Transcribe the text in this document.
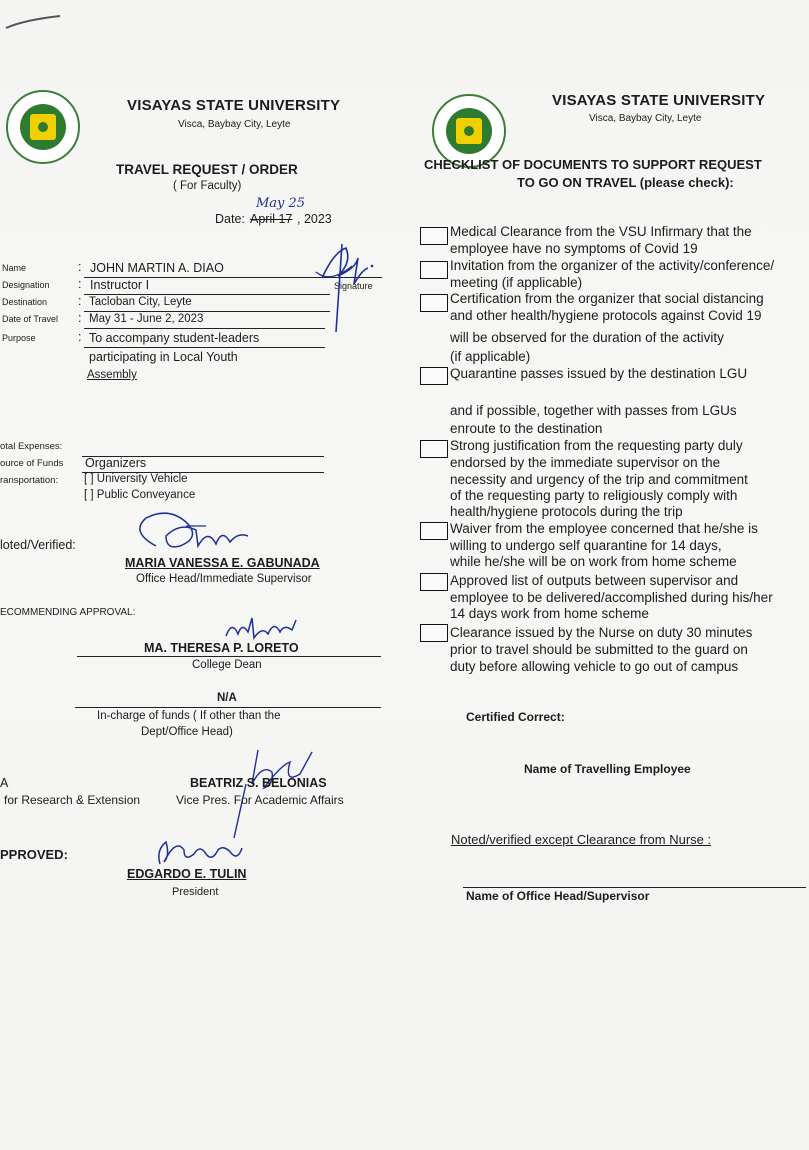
VISAYAS STATE UNIVERSITY
Visca, Baybay City, Leyte
TRAVEL REQUEST / ORDER
( For Faculty)
Date: April 17
May 25
, 2023
Name	: JOHN MARTIN A. DIAO
Designation : Instructor I	Signature
Destination : Tacloban City, Leyte
Date of Travel : May 31 - June 2, 2023
Purpose	: To accompany student-leaders
participating in Local Youth
Assembly
otal Expenses:
ource of Funds Organizers
ransportation: [ ] University Vehicle
[ ] Public Conveyance
loted/Verified:
MARIA VANESSA E. GABUNADA
Office Head/Immediate Supervisor
ECOMMENDING APPROVAL:
MA. THERESA P. LORETO
College Dean
N/A
In-charge of funds ( If other than the
Dept/Office Head)
A
for Research & Extension
BEATRIZ S. BELONIAS
Vice Pres. For Academic Affairs
PPROVED:
EDGARDO E. TULIN
President
VISAYAS STATE UNIVERSITY
Visca, Baybay City, Leyte
CHECKLIST OF DOCUMENTS TO SUPPORT REQUEST
TO GO ON TRAVEL (please check):
Medical Clearance from the VSU Infirmary that the
employee have no symptoms of Covid 19
Invitation from the organizer of the activity/conference/
meeting (if applicable)
Certification from the organizer that social distancing
and other health/hygiene protocols against Covid 19
will be observed for the duration of the activity
(if applicable)
Quarantine passes issued by the destination LGU
and if possible, together with passes from LGUs
enroute to the destination
Strong justification from the requesting party duly
endorsed by the immediate supervisor on the
necessity and urgency of the trip and commitment
of the requesting party to religiously comply with
health/hygiene protocols during the trip
Waiver from the employee concerned that he/she is
willing to undergo self quarantine for 14 days,
while he/she will be on work from home scheme
Approved list of outputs between supervisor and
employee to be delivered/accomplished during his/her
14 days work from home scheme
Clearance issued by the Nurse on duty 30 minutes
prior to travel should be submitted to the guard on
duty before allowing vehicle to go out of campus
Certified Correct:
Name of Travelling Employee
Noted/verified except Clearance from Nurse :
Name of Office Head/Supervisor
